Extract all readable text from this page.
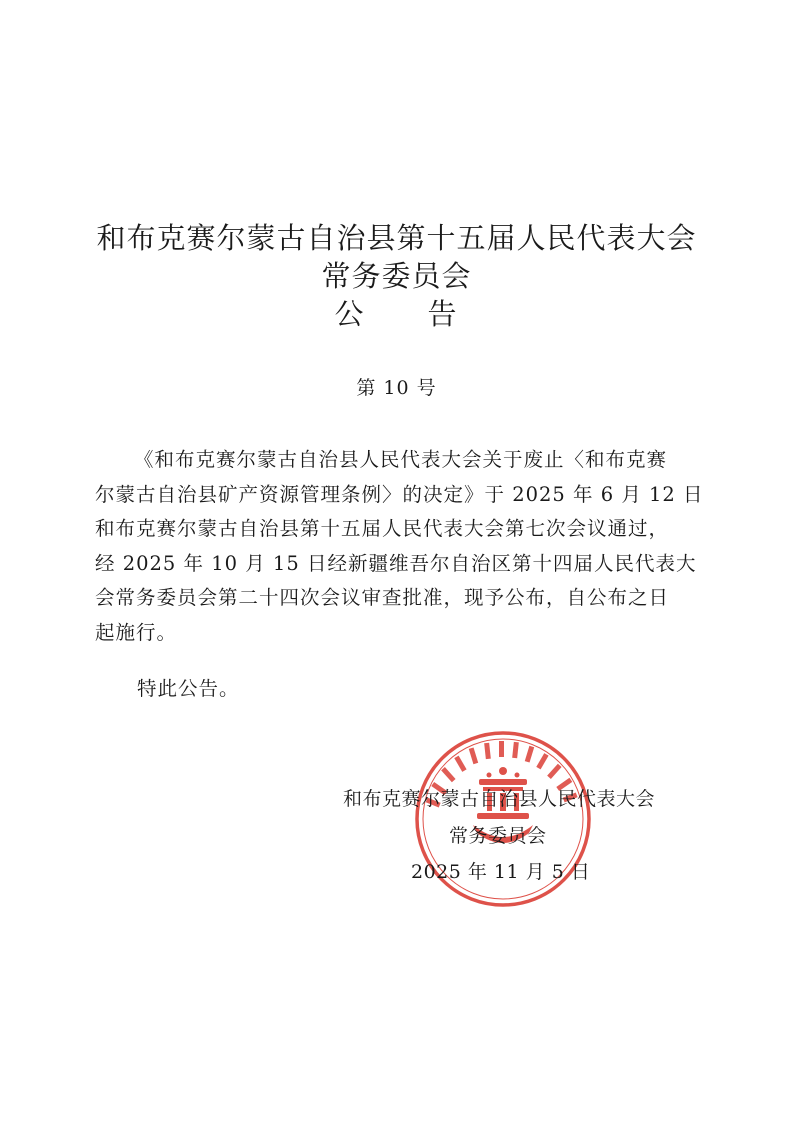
和布克赛尔蒙古自治县第十五届人民代表大会
常务委员会
公 告
第 10 号

《和布克赛尔蒙古自治县人民代表大会关于废止〈和布克赛
尔蒙古自治县矿产资源管理条例〉的决定》于 2025 年 6 月 12 日
和布克赛尔蒙古自治县第十五届人民代表大会第七次会议通过，
经 2025 年 10 月 15 日经新疆维吾尔自治区第十四届人民代表大
会常务委员会第二十四次会议审查批准，现予公布，自公布之日
起施行。

特此公告。
和布克赛尔蒙古自治县人民代表大会
常务委员会
2025 年 11 月 5 日
